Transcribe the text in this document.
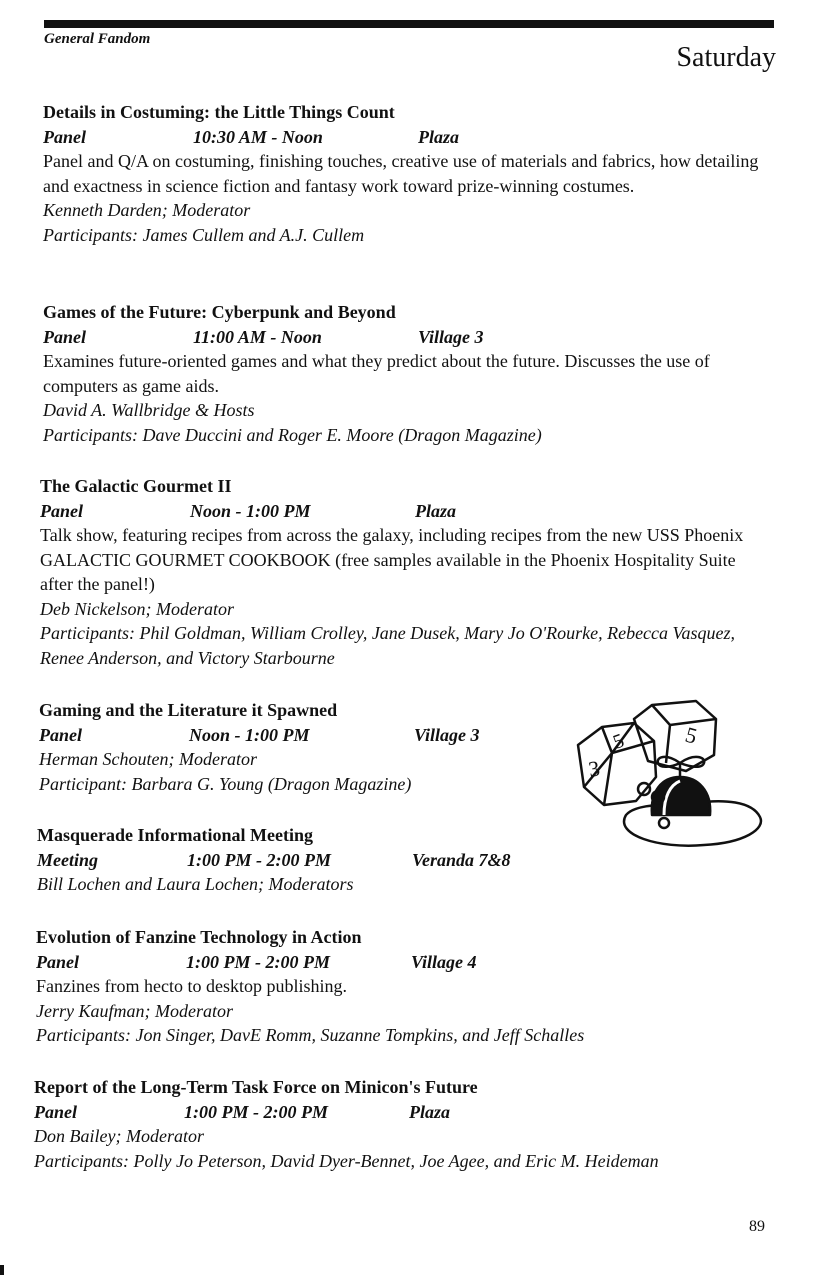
General Fandom
Saturday
Details in Costuming: the Little Things Count
Panel	10:30 AM - Noon	Plaza
Panel and Q/A on costuming, finishing touches, creative use of materials and fabrics, how detailing and exactness in science fiction and fantasy work toward prize-winning costumes.
Kenneth Darden; Moderator
Participants: James Cullem and A.J. Cullem
Games of the Future: Cyberpunk and Beyond
Panel	11:00 AM - Noon	Village 3
Examines future-oriented games and what they predict about the future. Discusses the use of computers as game aids.
David A. Wallbridge & Hosts
Participants: Dave Duccini and Roger E. Moore (Dragon Magazine)
The Galactic Gourmet II
Panel	Noon - 1:00 PM	Plaza
Talk show, featuring recipes from across the galaxy, including recipes from the new USS Phoenix GALACTIC GOURMET COOKBOOK (free samples available in the Phoenix Hospitality Suite after the panel!)
Deb Nickelson; Moderator
Participants: Phil Goldman, William Crolley, Jane Dusek, Mary Jo O'Rourke, Rebecca Vasquez, Renee Anderson, and Victory Starbourne
Gaming and the Literature it Spawned
Panel	Noon - 1:00 PM	Village 3
Herman Schouten; Moderator
Participant: Barbara G. Young (Dragon Magazine)
Masquerade Informational Meeting
Meeting	1:00 PM - 2:00 PM	Veranda 7&8
Bill Lochen and Laura Lochen; Moderators
Evolution of Fanzine Technology in Action
Panel	1:00 PM - 2:00 PM	Village 4
Fanzines from hecto to desktop publishing.
Jerry Kaufman; Moderator
Participants: Jon Singer, DavE Romm, Suzanne Tompkins, and Jeff Schalles
Report of the Long-Term Task Force on Minicon's Future
Panel	1:00 PM - 2:00 PM	Plaza
Don Bailey; Moderator
Participants: Polly Jo Peterson, David Dyer-Bennet, Joe Agee, and Eric M. Heideman
3
5	5
89
